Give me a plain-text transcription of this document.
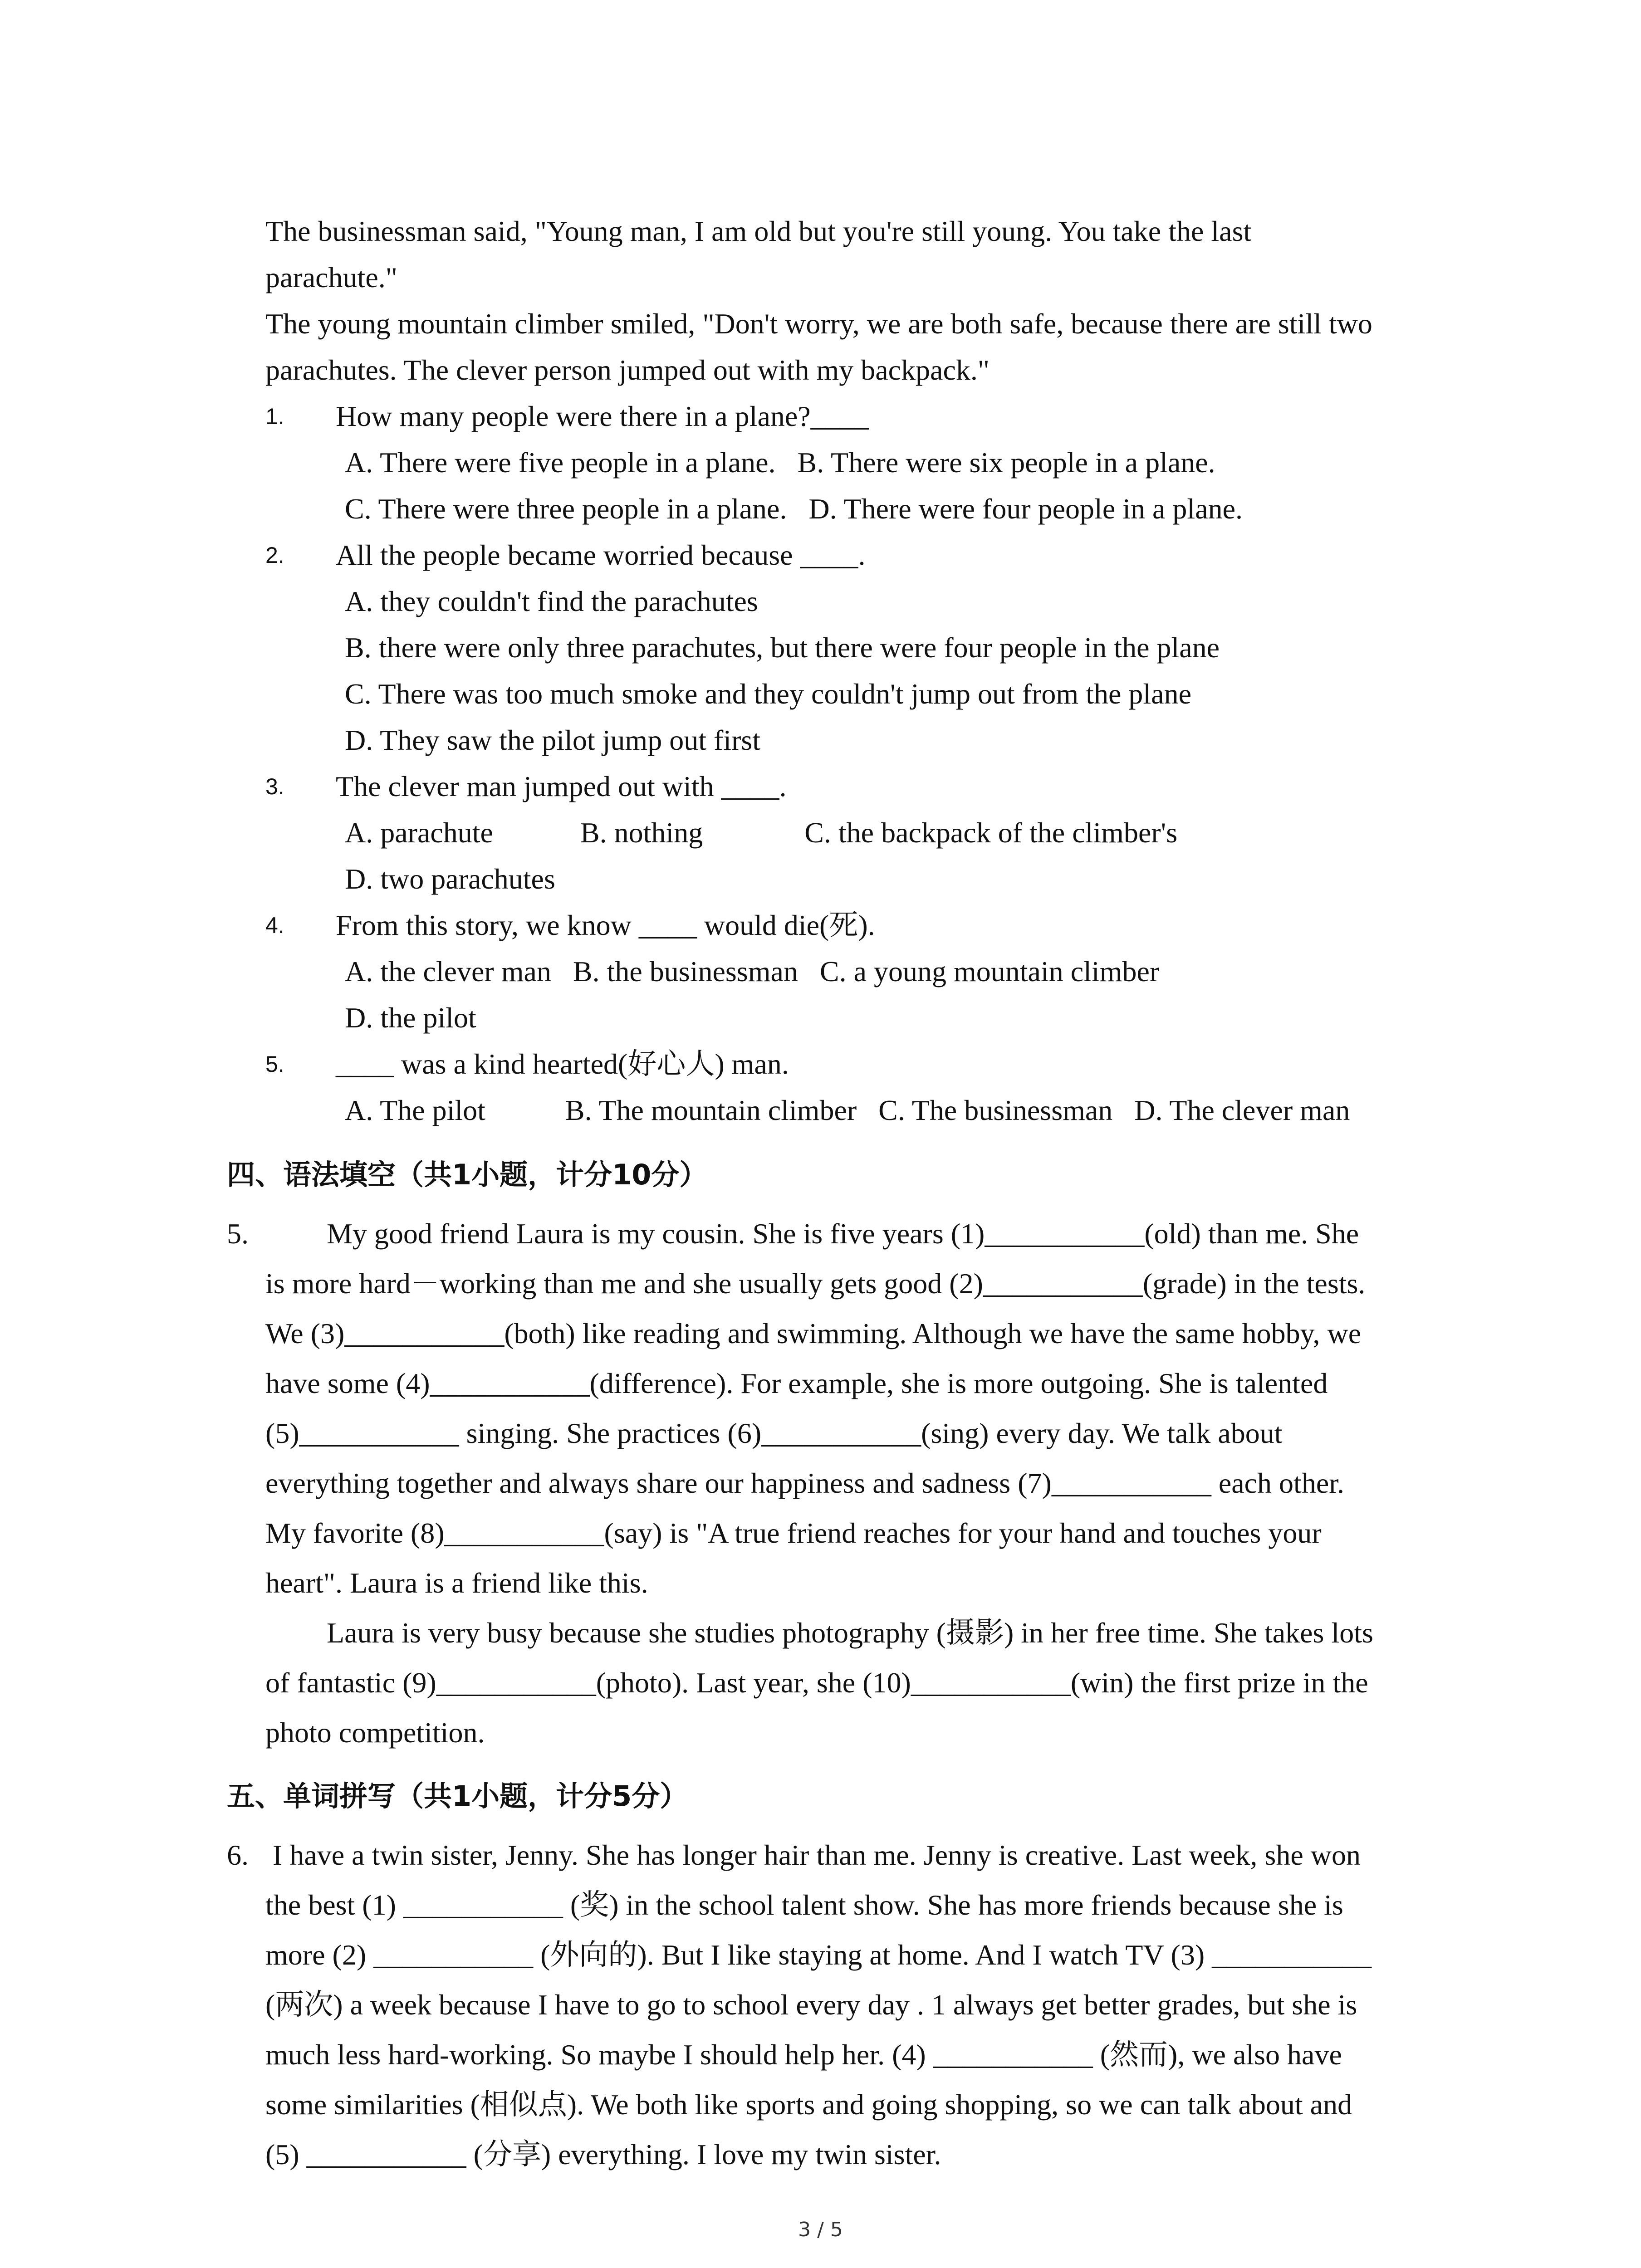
The businessman said, "Young man, I am old but you're still young. You take the last
parachute."
The young mountain climber smiled, "Don't worry, we are both safe, because there are still two
parachutes. The clever person jumped out with my backpack."
1. How many people were there in a plane?____
A. There were five people in a plane.   B. There were six people in a plane.
C. There were three people in a plane.   D. There were four people in a plane.
2. All the people became worried because ____.
A. they couldn't find the parachutes
B. there were only three parachutes, but there were four people in the plane
C. There was too much smoke and they couldn't jump out from the plane
D. They saw the pilot jump out first
3. The clever man jumped out with ____.
A. parachute            B. nothing              C. the backpack of the climber's
D. two parachutes
4. From this story, we know ____ would die(死).
A. the clever man   B. the businessman   C. a young mountain climber
D. the pilot
5. ____ was a kind hearted(好心人) man.
A. The pilot           B. The mountain climber   C. The businessman   D. The clever man
四、语法填空（共1小题，计分10分）
5.	My good friend Laura is my cousin. She is five years (1)___________(old) than me. She
is more hard－working than me and she usually gets good (2)___________(grade) in the tests.
We (3)___________(both) like reading and swimming. Although we have the same hobby, we
have some (4)___________(difference). For example, she is more outgoing. She is talented
(5)___________ singing. She practices (6)___________(sing) every day. We talk about
everything together and always share our happiness and sadness (7)___________ each other.
My favorite (8)___________(say) is "A true friend reaches for your hand and touches your
heart". Laura is a friend like this.
Laura is very busy because she studies photography (摄影) in her free time. She takes lots
of fantastic (9)___________(photo). Last year, she (10)___________(win) the first prize in the
photo competition.
五、单词拼写（共1小题，计分5分）
6. I have a twin sister, Jenny. She has longer hair than me. Jenny is creative. Last week, she won
the best (1) ___________ (奖) in the school talent show. She has more friends because she is
more (2) ___________ (外向的). But I like staying at home. And I watch TV (3) ___________
(两次) a week because I have to go to school every day . 1 always get better grades, but she is
much less hard-working. So maybe I should help her. (4) ___________ (然而), we also have
some similarities (相似点). We both like sports and going shopping, so we can talk about and
(5) ___________ (分享) everything. I love my twin sister.
3 / 5
